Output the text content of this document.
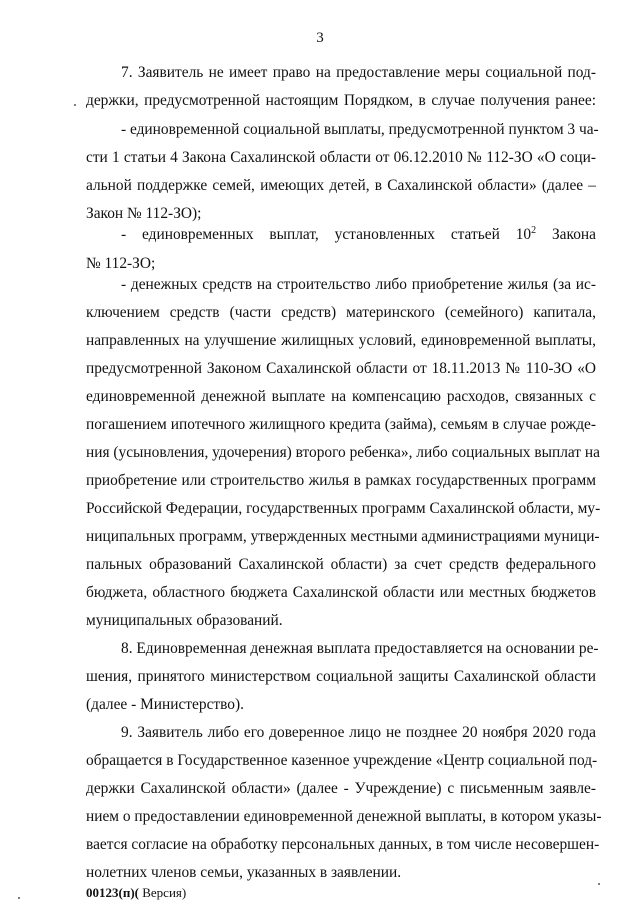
3
7. Заявитель не имеет право на предоставление меры социальной под-
держки, предусмотренной настоящим Порядком, в случае получения ранее:
- единовременной социальной выплаты, предусмотренной пунктом 3 ча-
сти 1 статьи 4 Закона Сахалинской области от 06.12.2010 № 112-ЗО «О соци-
альной поддержке семей, имеющих детей, в Сахалинской области» (далее –
Закон № 112-ЗО);
- единовременных выплат, установленных статьей $10^2$ Закона
№ 112-ЗО;
- денежных средств на строительство либо приобретение жилья (за ис-
ключением средств (части средств) материнского (семейного) капитала,
направленных на улучшение жилищных условий, единовременной выплаты,
предусмотренной Законом Сахалинской области от 18.11.2013 № 110-ЗО «О
единовременной денежной выплате на компенсацию расходов, связанных с
погашением ипотечного жилищного кредита (займа), семьям в случае рожде-
ния (усыновления, удочерения) второго ребенка», либо социальных выплат на
приобретение или строительство жилья в рамках государственных программ
Российской Федерации, государственных программ Сахалинской области, му-
ниципальных программ, утвержденных местными администрациями муници-
пальных образований Сахалинской области) за счет средств федерального
бюджета, областного бюджета Сахалинской области или местных бюджетов
муниципальных образований.
8. Единовременная денежная выплата предоставляется на основании ре-
шения, принятого министерством социальной защиты Сахалинской области
(далее - Министерство).
9. Заявитель либо его доверенное лицо не позднее 20 ноября 2020 года
обращается в Государственное казенное учреждение «Центр социальной под-
держки Сахалинской области» (далее - Учреждение) с письменным заявле-
нием о предоставлении единовременной денежной выплаты, в котором указы-
вается согласие на обработку персональных данных, в том числе несовершен-
нолетних членов семьи, указанных в заявлении.
00123(п)( Версия)
